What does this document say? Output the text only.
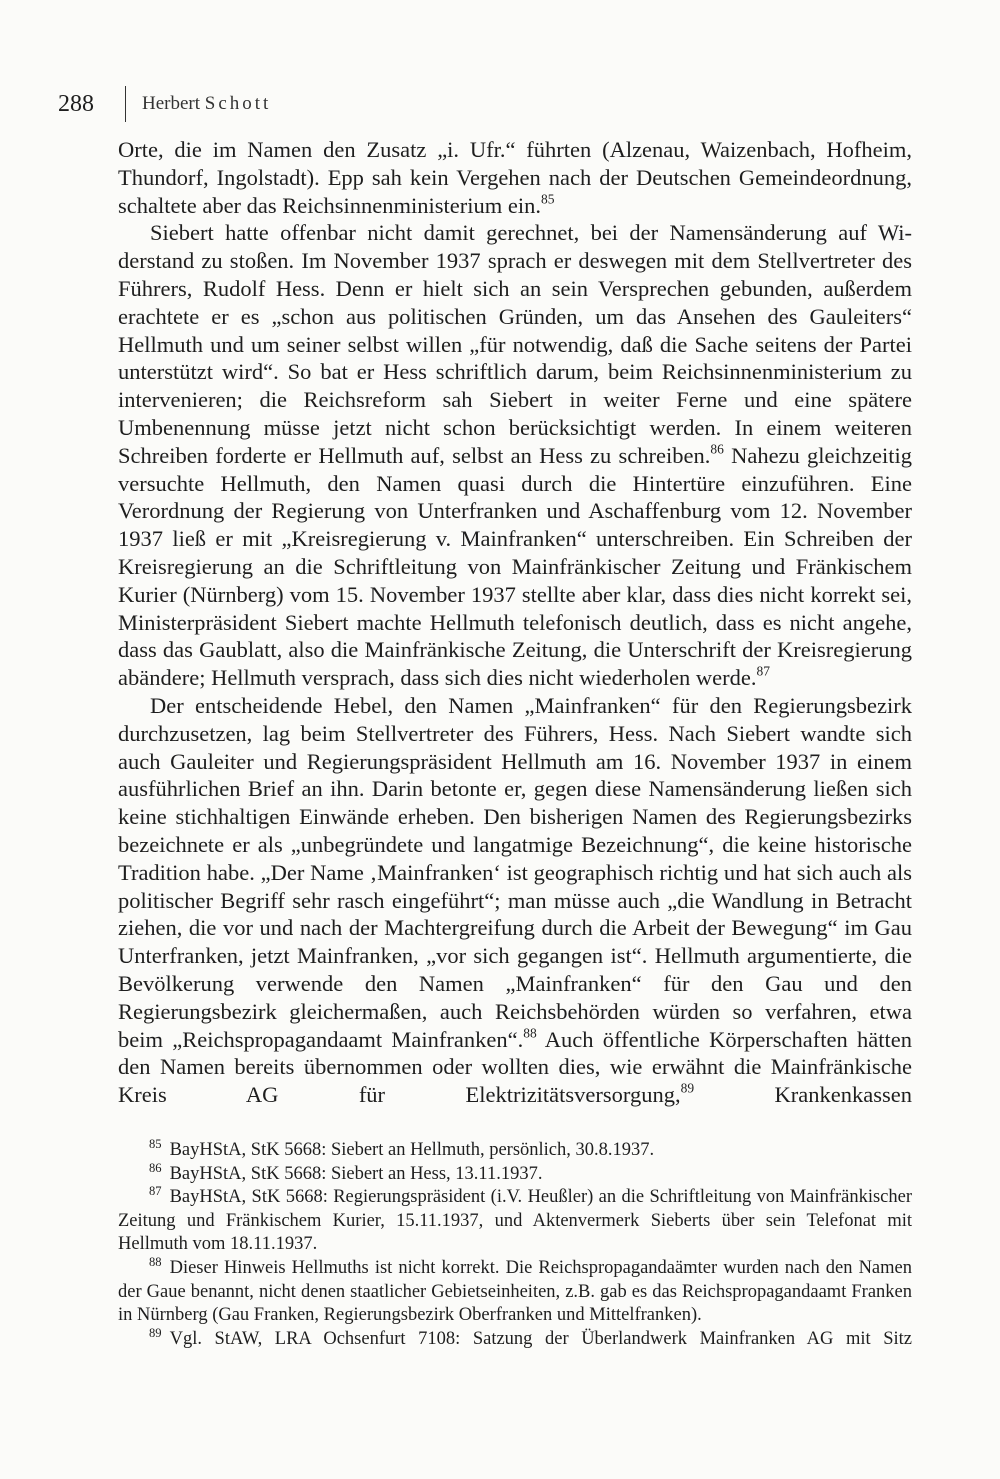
288	Herbert Schott

Orte, die im Namen den Zusatz „i. Ufr.“ führten (Alzenau, Waizenbach, Hofheim, Thundorf, Ingolstadt). Epp sah kein Vergehen nach der Deutschen Gemeindeordnung, schaltete aber das Reichsinnenministerium ein.$^{85}$

Siebert hatte offenbar nicht damit gerechnet, bei der Namensänderung auf Widerstand zu stoßen. Im November 1937 sprach er deswegen mit dem Stellvertreter des Führers, Rudolf Hess. Denn er hielt sich an sein Versprechen gebunden, außerdem erachtete er es „schon aus politischen Gründen, um das Ansehen des Gauleiters“ Hellmuth und um seiner selbst willen „für notwendig, daß die Sache seitens der Partei unterstützt wird“. So bat er Hess schriftlich darum, beim Reichsinnenministerium zu intervenieren; die Reichsreform sah Siebert in weiter Ferne und eine spätere Umbenennung müsse jetzt nicht schon berücksichtigt werden. In einem weiteren Schreiben forderte er Hellmuth auf, selbst an Hess zu schreiben.$^{86}$ Nahezu gleichzeitig versuchte Hellmuth, den Namen quasi durch die Hintertüre einzuführen. Eine Verordnung der Regierung von Unterfranken und Aschaffenburg vom 12. November 1937 ließ er mit „Kreisregierung v. Mainfranken“ unterschreiben. Ein Schreiben der Kreisregierung an die Schriftleitung von Mainfränkischer Zeitung und Fränkischem Kurier (Nürnberg) vom 15. November 1937 stellte aber klar, dass dies nicht korrekt sei, Ministerpräsident Siebert machte Hellmuth telefonisch deutlich, dass es nicht angehe, dass das Gaublatt, also die Mainfränkische Zeitung, die Unterschrift der Kreisregierung abändere; Hellmuth versprach, dass sich dies nicht wiederholen werde.$^{87}$

Der entscheidende Hebel, den Namen „Mainfranken“ für den Regierungsbezirk durchzusetzen, lag beim Stellvertreter des Führers, Hess. Nach Siebert wandte sich auch Gauleiter und Regierungspräsident Hellmuth am 16. November 1937 in einem ausführlichen Brief an ihn. Darin betonte er, gegen diese Namensänderung ließen sich keine stichhaltigen Einwände erheben. Den bisherigen Namen des Regierungsbezirks bezeichnete er als „unbegründete und langatmige Bezeichnung“, die keine historische Tradition habe. „Der Name ‚Mainfranken‘ ist geographisch richtig und hat sich auch als politischer Begriff sehr rasch eingeführt“; man müsse auch „die Wandlung in Betracht ziehen, die vor und nach der Machtergreifung durch die Arbeit der Bewegung“ im Gau Unterfranken, jetzt Mainfranken, „vor sich gegangen ist“. Hellmuth argumentierte, die Bevölkerung verwende den Namen „Mainfranken“ für den Gau und den Regierungsbezirk gleichermaßen, auch Reichsbehörden würden so verfahren, etwa beim „Reichspropagandaamt Mainfranken“.$^{88}$ Auch öffentliche Körperschaften hätten den Namen bereits übernommen oder wollten dies, wie erwähnt die Mainfränkische Kreis AG für Elektrizitätsversorgung,$^{89}$ Krankenkassen

$^{85}$ BayHStA, StK 5668: Siebert an Hellmuth, persönlich, 30.8.1937.

$^{86}$ BayHStA, StK 5668: Siebert an Hess, 13.11.1937.

$^{87}$ BayHStA, StK 5668: Regierungspräsident (i.V. Heußler) an die Schriftleitung von Mainfränkischer Zeitung und Fränkischem Kurier, 15.11.1937, und Aktenvermerk Sieberts über sein Telefonat mit Hellmuth vom 18.11.1937.

$^{88}$ Dieser Hinweis Hellmuths ist nicht korrekt. Die Reichspropagandaämter wurden nach den Namen der Gaue benannt, nicht denen staatlicher Gebietseinheiten, z.B. gab es das Reichspropagandaamt Franken in Nürnberg (Gau Franken, Regierungsbezirk Oberfranken und Mittelfranken).

$^{89}$ Vgl. StAW, LRA Ochsenfurt 7108: Satzung der Überlandwerk Mainfranken AG mit Sitz
